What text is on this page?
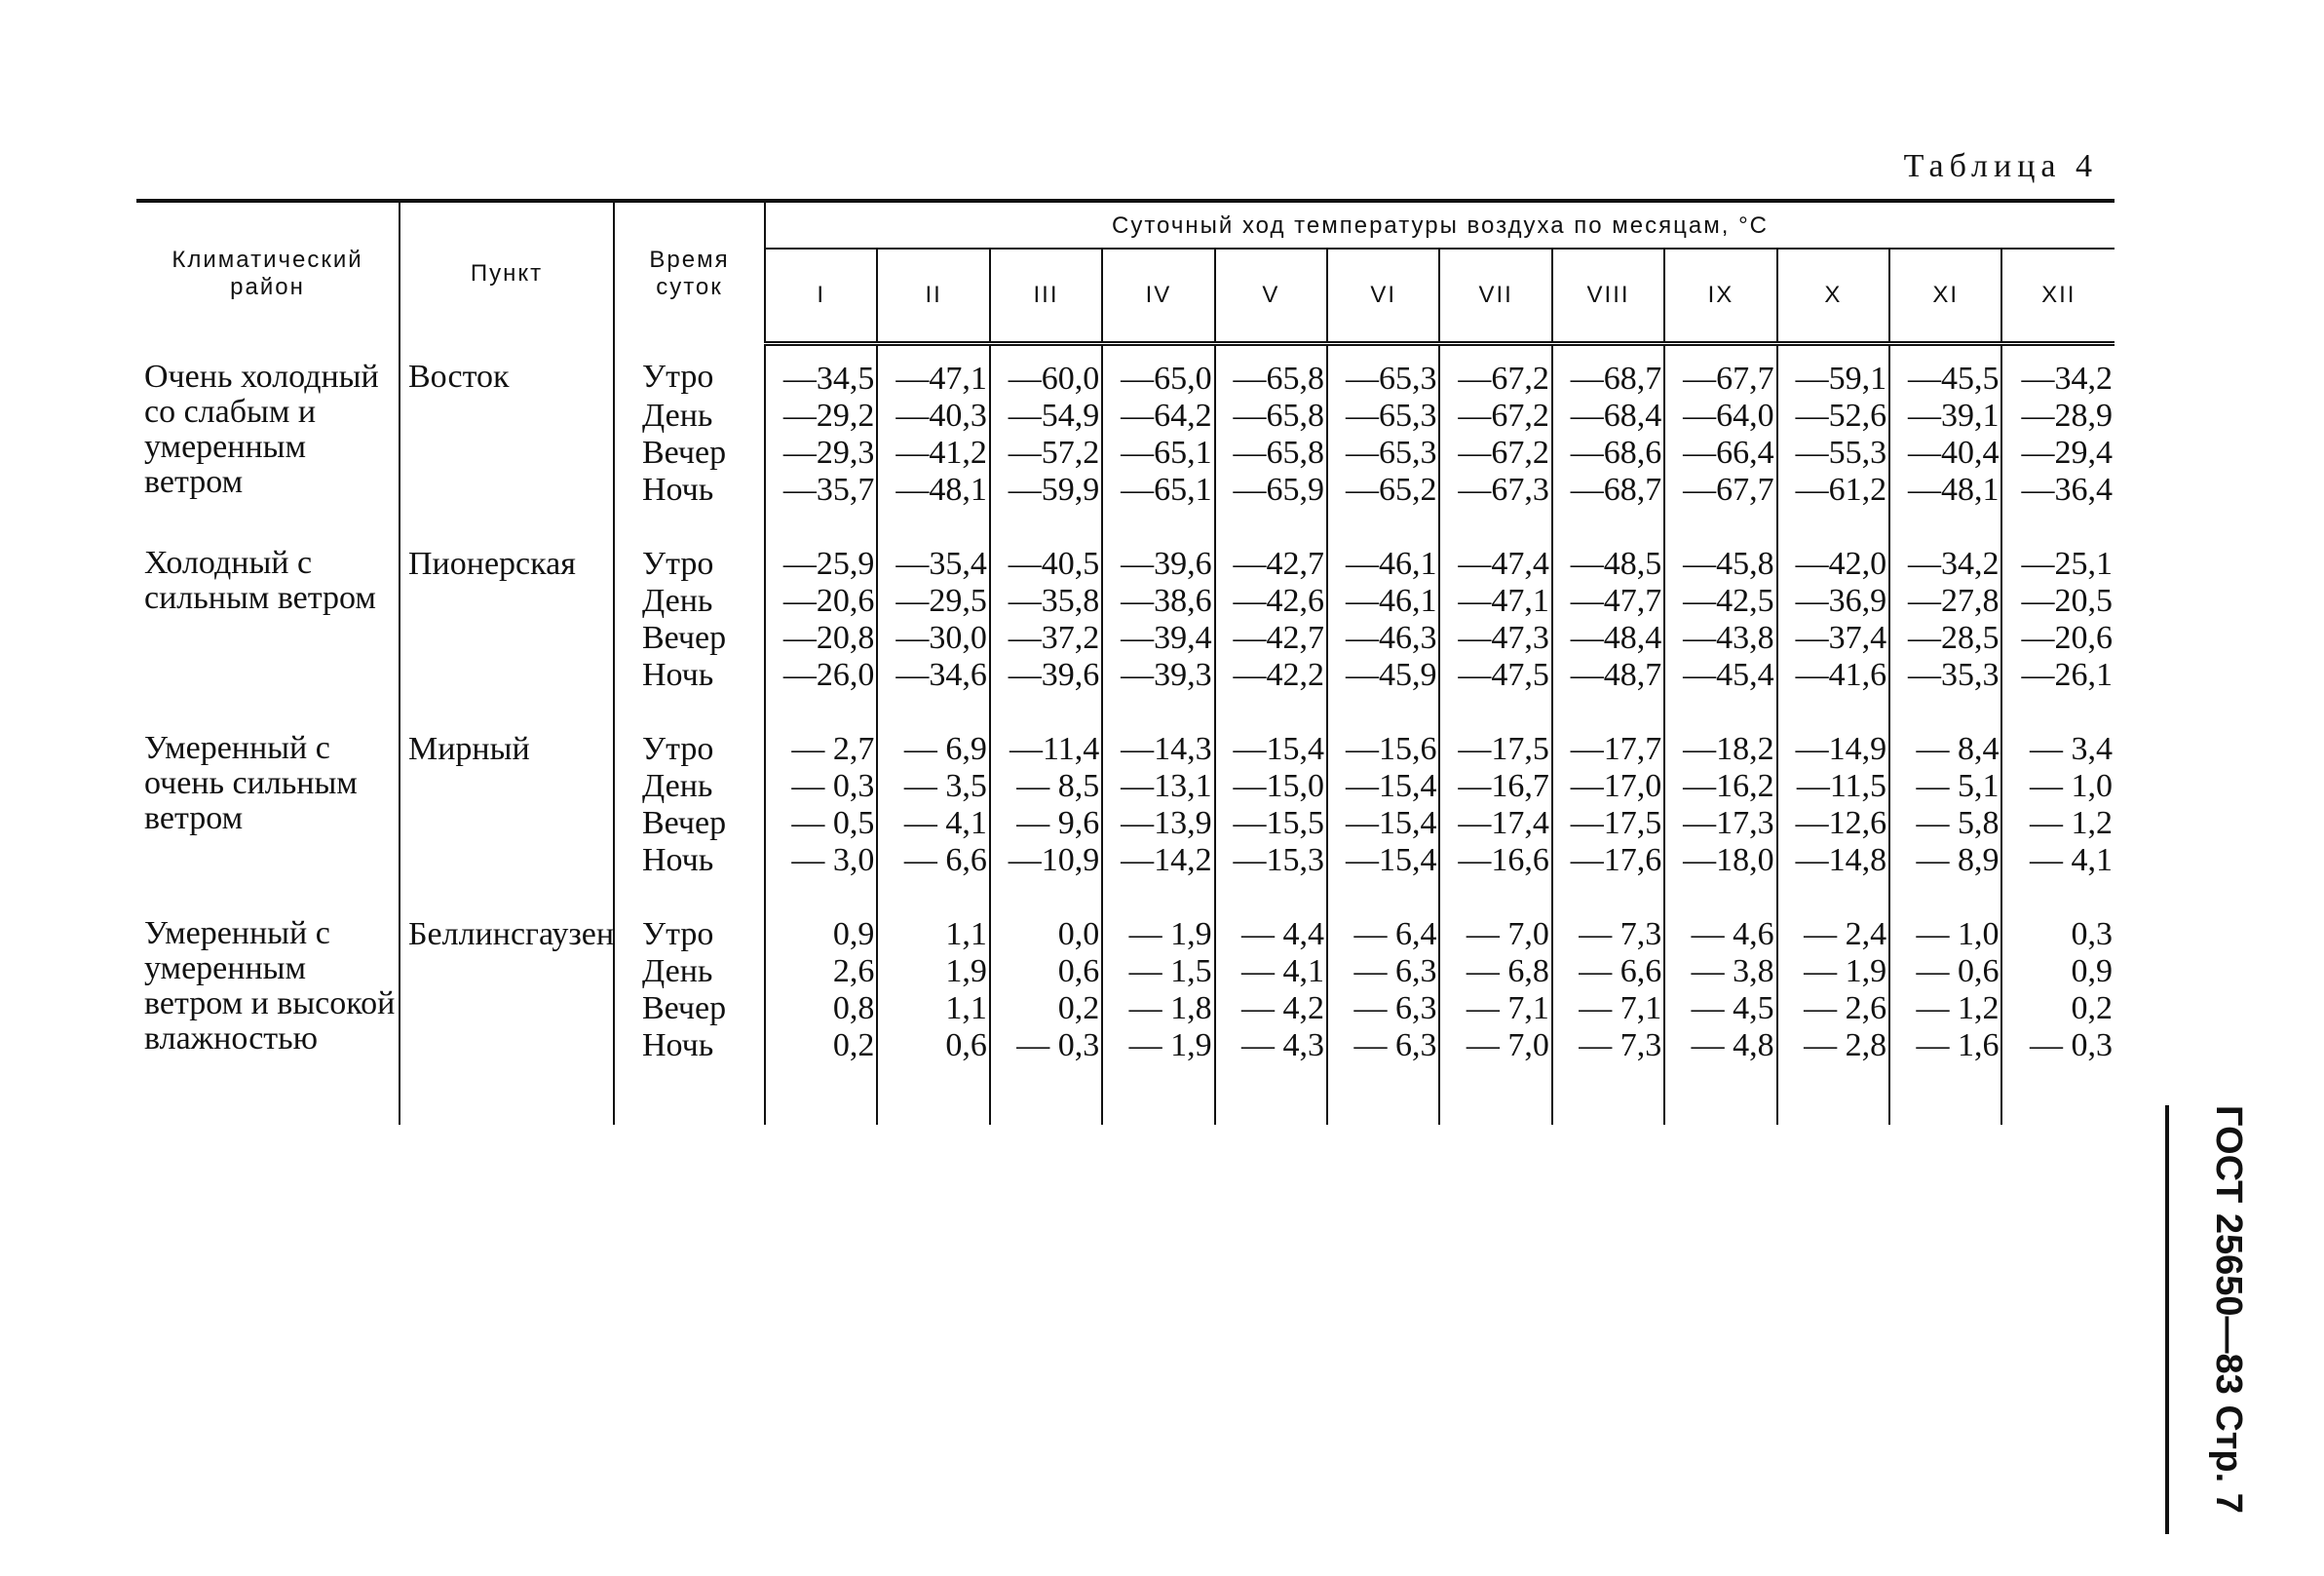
Таблица 4
Климатический район	Пункт	Время суток	Суточный ход температуры воздуха по месяцам, °С											
			I	II	III	IV	V	VI	VII	VIII	IX	X	XI	XII
Очень холодный со слабым и умеренным ветром	Восток	Утро	—34,5	—47,1	—60,0	—65,0	—65,8	—65,3	—67,2	—68,7	—67,7	—59,1	—45,5	—34,2
		День	—29,2	—40,3	—54,9	—64,2	—65,8	—65,3	—67,2	—68,4	—64,0	—52,6	—39,1	—28,9
		Вечер	—29,3	—41,2	—57,2	—65,1	—65,8	—65,3	—67,2	—68,6	—66,4	—55,3	—40,4	—29,4
		Ночь	—35,7	—48,1	—59,9	—65,1	—65,9	—65,2	—67,3	—68,7	—67,7	—61,2	—48,1	—36,4

Холодный с сильным ветром	Пионерская	Утро	—25,9	—35,4	—40,5	—39,6	—42,7	—46,1	—47,4	—48,5	—45,8	—42,0	—34,2	—25,1
		День	—20,6	—29,5	—35,8	—38,6	—42,6	—46,1	—47,1	—47,7	—42,5	—36,9	—27,8	—20,5
		Вечер	—20,8	—30,0	—37,2	—39,4	—42,7	—46,3	—47,3	—48,4	—43,8	—37,4	—28,5	—20,6
		Ночь	—26,0	—34,6	—39,6	—39,3	—42,2	—45,9	—47,5	—48,7	—45,4	—41,6	—35,3	—26,1

Умеренный с очень сильным ветром	Мирный	Утро	— 2,7	— 6,9	—11,4	—14,3	—15,4	—15,6	—17,5	—17,7	—18,2	—14,9	— 8,4	— 3,4
		День	— 0,3	— 3,5	— 8,5	—13,1	—15,0	—15,4	—16,7	—17,0	—16,2	—11,5	— 5,1	— 1,0
		Вечер	— 0,5	— 4,1	— 9,6	—13,9	—15,5	—15,4	—17,4	—17,5	—17,3	—12,6	— 5,8	— 1,2
		Ночь	— 3,0	— 6,6	—10,9	—14,2	—15,3	—15,4	—16,6	—17,6	—18,0	—14,8	— 8,9	— 4,1

Умеренный с умеренным ветром и высокой влажностью	Беллинсгаузен	Утро	0,9	1,1	0,0	— 1,9	— 4,4	— 6,4	— 7,0	— 7,3	— 4,6	— 2,4	— 1,0	0,3
		День	2,6	1,9	0,6	— 1,5	— 4,1	— 6,3	— 6,8	— 6,6	— 3,8	— 1,9	— 0,6	0,9
		Вечер	0,8	1,1	0,2	— 1,8	— 4,2	— 6,3	— 7,1	— 7,1	— 4,5	— 2,6	— 1,2	0,2
		Ночь	0,2	0,6	— 0,3	— 1,9	— 4,3	— 6,3	— 7,0	— 7,3	— 4,8	— 2,8	— 1,6	— 0,3

ГОСТ 25650—83 Стр. 7
